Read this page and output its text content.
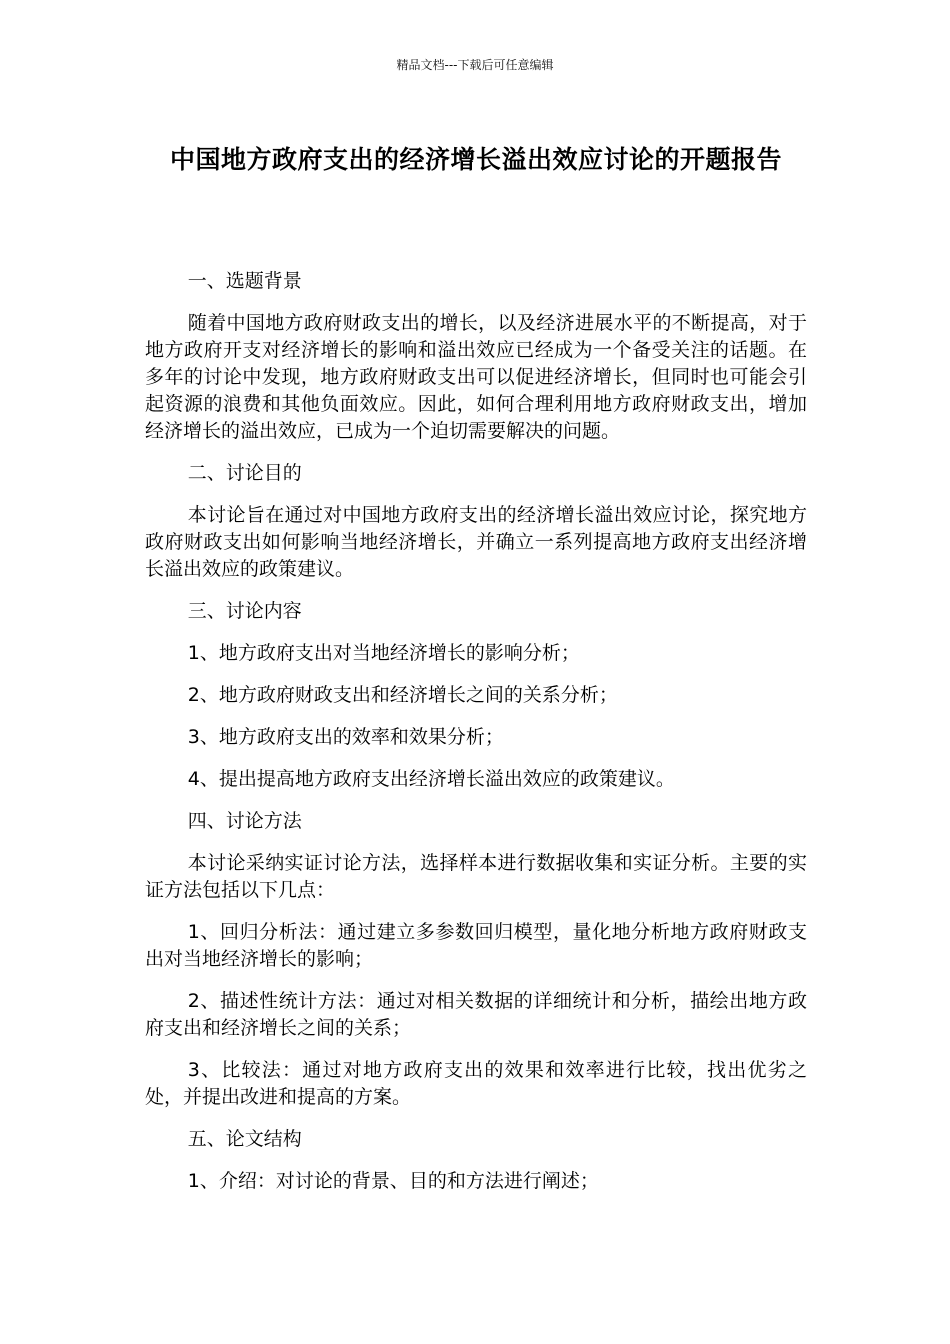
精品文档---下载后可任意编辑
中国地方政府支出的经济增长溢出效应讨论的开题报告

一、选题背景

随着中国地方政府财政支出的增长，以及经济进展水平的不断提高，对于地方政府开支对经济增长的影响和溢出效应已经成为一个备受关注的话题。在多年的讨论中发现，地方政府财政支出可以促进经济增长，但同时也可能会引起资源的浪费和其他负面效应。因此，如何合理利用地方政府财政支出，增加经济增长的溢出效应，已成为一个迫切需要解决的问题。

二、讨论目的

本讨论旨在通过对中国地方政府支出的经济增长溢出效应讨论，探究地方政府财政支出如何影响当地经济增长，并确立一系列提高地方政府支出经济增长溢出效应的政策建议。

三、讨论内容

1、地方政府支出对当地经济增长的影响分析；

2、地方政府财政支出和经济增长之间的关系分析；

3、地方政府支出的效率和效果分析；

4、提出提高地方政府支出经济增长溢出效应的政策建议。

四、讨论方法

本讨论采纳实证讨论方法，选择样本进行数据收集和实证分析。主要的实证方法包括以下几点：

1、回归分析法：通过建立多参数回归模型，量化地分析地方政府财政支出对当地经济增长的影响；

2、描述性统计方法：通过对相关数据的详细统计和分析，描绘出地方政府支出和经济增长之间的关系；

3、比较法：通过对地方政府支出的效果和效率进行比较，找出优劣之处，并提出改进和提高的方案。

五、论文结构

1、介绍：对讨论的背景、目的和方法进行阐述；
